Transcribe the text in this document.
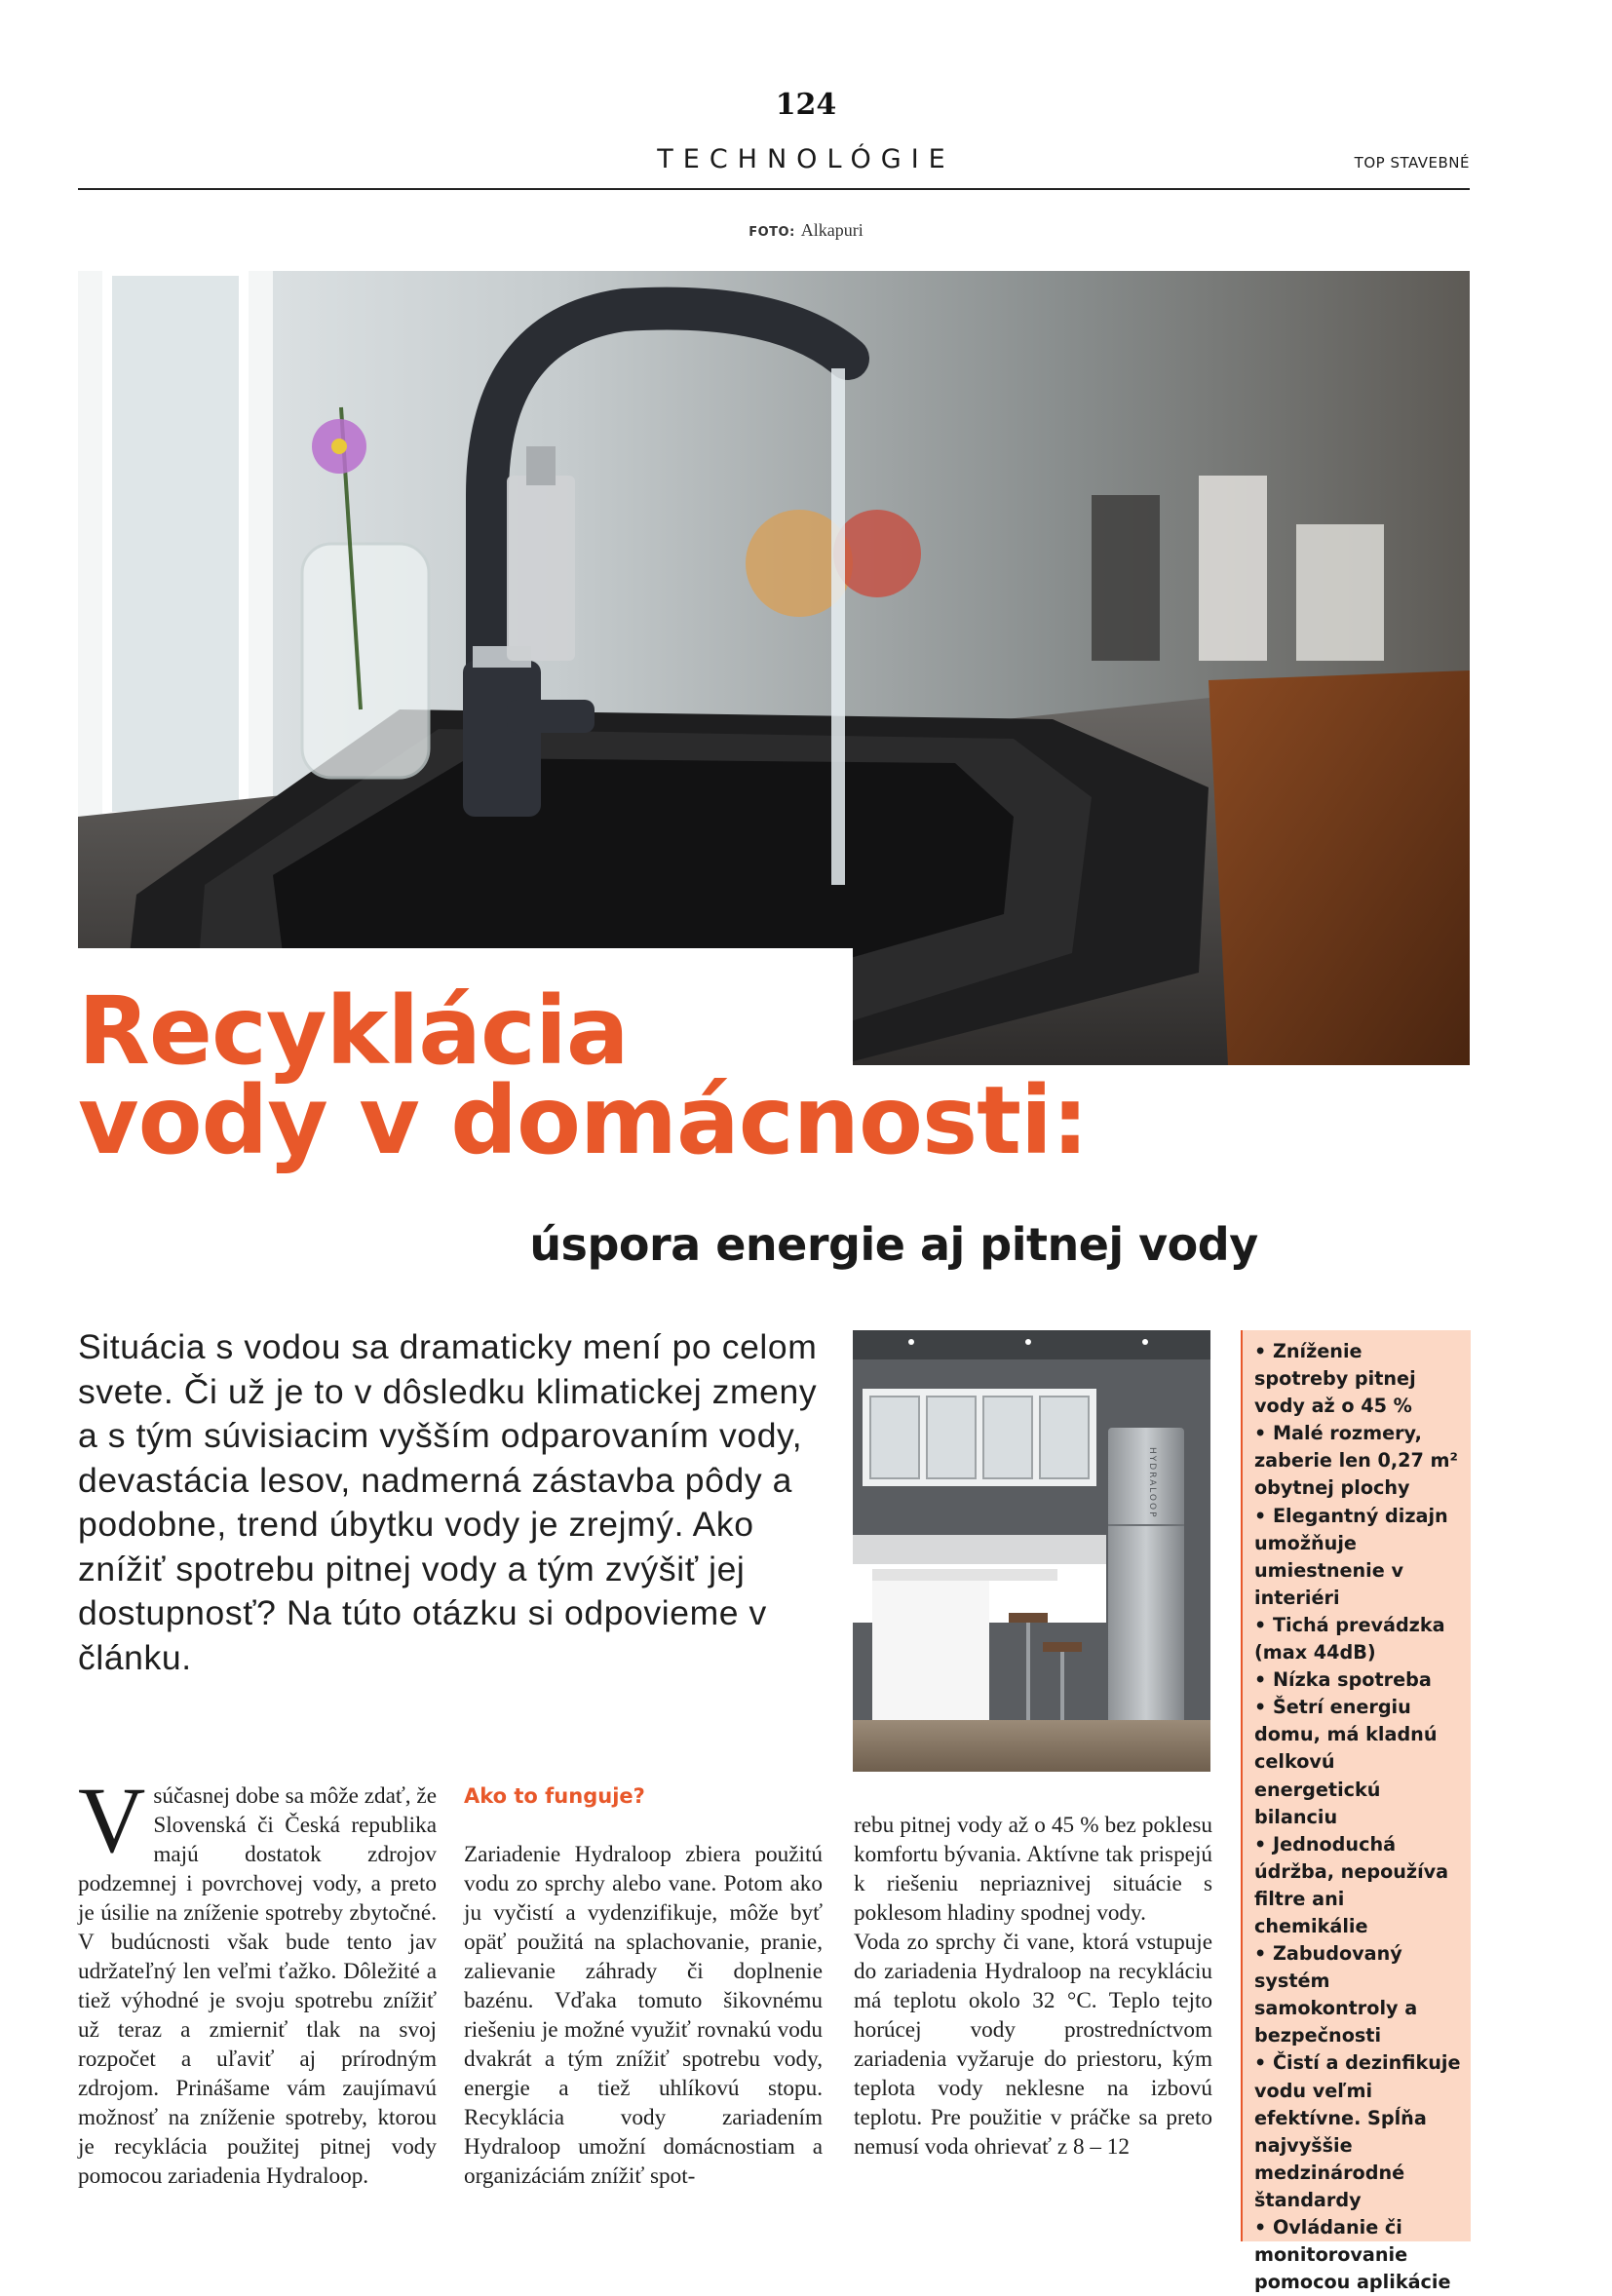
124
TECHNOLÓGIE	TOP STAVEBNÉ
FOTO: Alkapuri
Recyklácia
vody v domácnosti:
úspora energie aj pitnej vody

Situácia s vodou sa dramaticky mení po celom svete. Či už je to v dôsledku klimatickej zmeny a s tým súvisiacim vyšším odparovaním vody, devastácia lesov, nadmerná zástavba pôdy a podobne, trend úbytku vody je zrejmý. Ako znížiť spotrebu pitnej vody a tým zvýšiť jej dostupnosť? Na túto otázku si odpovieme v článku.

HYDRALOOP
• Zníženie spotreby pitnej vody až o 45 %
• Malé rozmery, zaberie len 0,27 m² obytnej plochy
• Elegantný dizajn umožňuje umiestnenie v interiéri
• Tichá prevádzka (max 44dB)
• Nízka spotreba
• Šetrí energiu domu, má kladnú celkovú energetickú bilanciu
• Jednoduchá údržba, nepoužíva filtre ani chemikálie
• Zabudovaný systém samokontroly a bezpečnosti
• Čistí a dezinfikuje vodu veľmi efektívne. Spĺňa najvyššie medzinárodné štandardy
• Ovládanie či monitorovanie pomocou aplikácie
V súčasnej dobe sa môže zdať, že Slovenská či Česká republika majú dostatok zdrojov podzemnej i povrchovej vody, a preto je úsilie na zníženie spotreby zbytočné. V budúcnosti však bude tento jav udržateľný len veľmi ťažko. Dôležité a tiež výhodné je svoju spotrebu znížiť už teraz a zmierniť tlak na svoj rozpočet a uľaviť aj prírodným zdrojom. Prinášame vám zaujímavú možnosť na zníženie spotreby, ktorou je recyklácia použitej pitnej vody pomocou zariadenia Hydraloop.

Ako to funguje?

Zariadenie Hydraloop zbiera použitú vodu zo sprchy alebo vane. Potom ako ju vyčistí a vydenzifikuje, môže byť opäť použitá na splachovanie, pranie, zalievanie záhrady či doplnenie bazénu. Vďaka tomuto šikovnému riešeniu je možné využiť rovnakú vodu dvakrát a tým znížiť spotrebu vody, energie a tiež uhlíkovú stopu. Recyklácia vody zariadením Hydraloop umožní domácnostiam a organizáciám znížiť spot-

rebu pitnej vody až o 45 % bez poklesu komfortu bývania. Aktívne tak prispejú k riešeniu nepriaznivej situácie s poklesom hladiny spodnej vody.

Voda zo sprchy či vane, ktorá vstupuje do zariadenia Hydraloop na recykláciu má teplotu okolo 32 °C. Teplo tejto horúcej vody prostredníctvom zariadenia vyžaruje do priestoru, kým teplota vody neklesne na izbovú teplotu. Pre použitie v práčke sa preto nemusí voda ohrievať z 8 – 12
